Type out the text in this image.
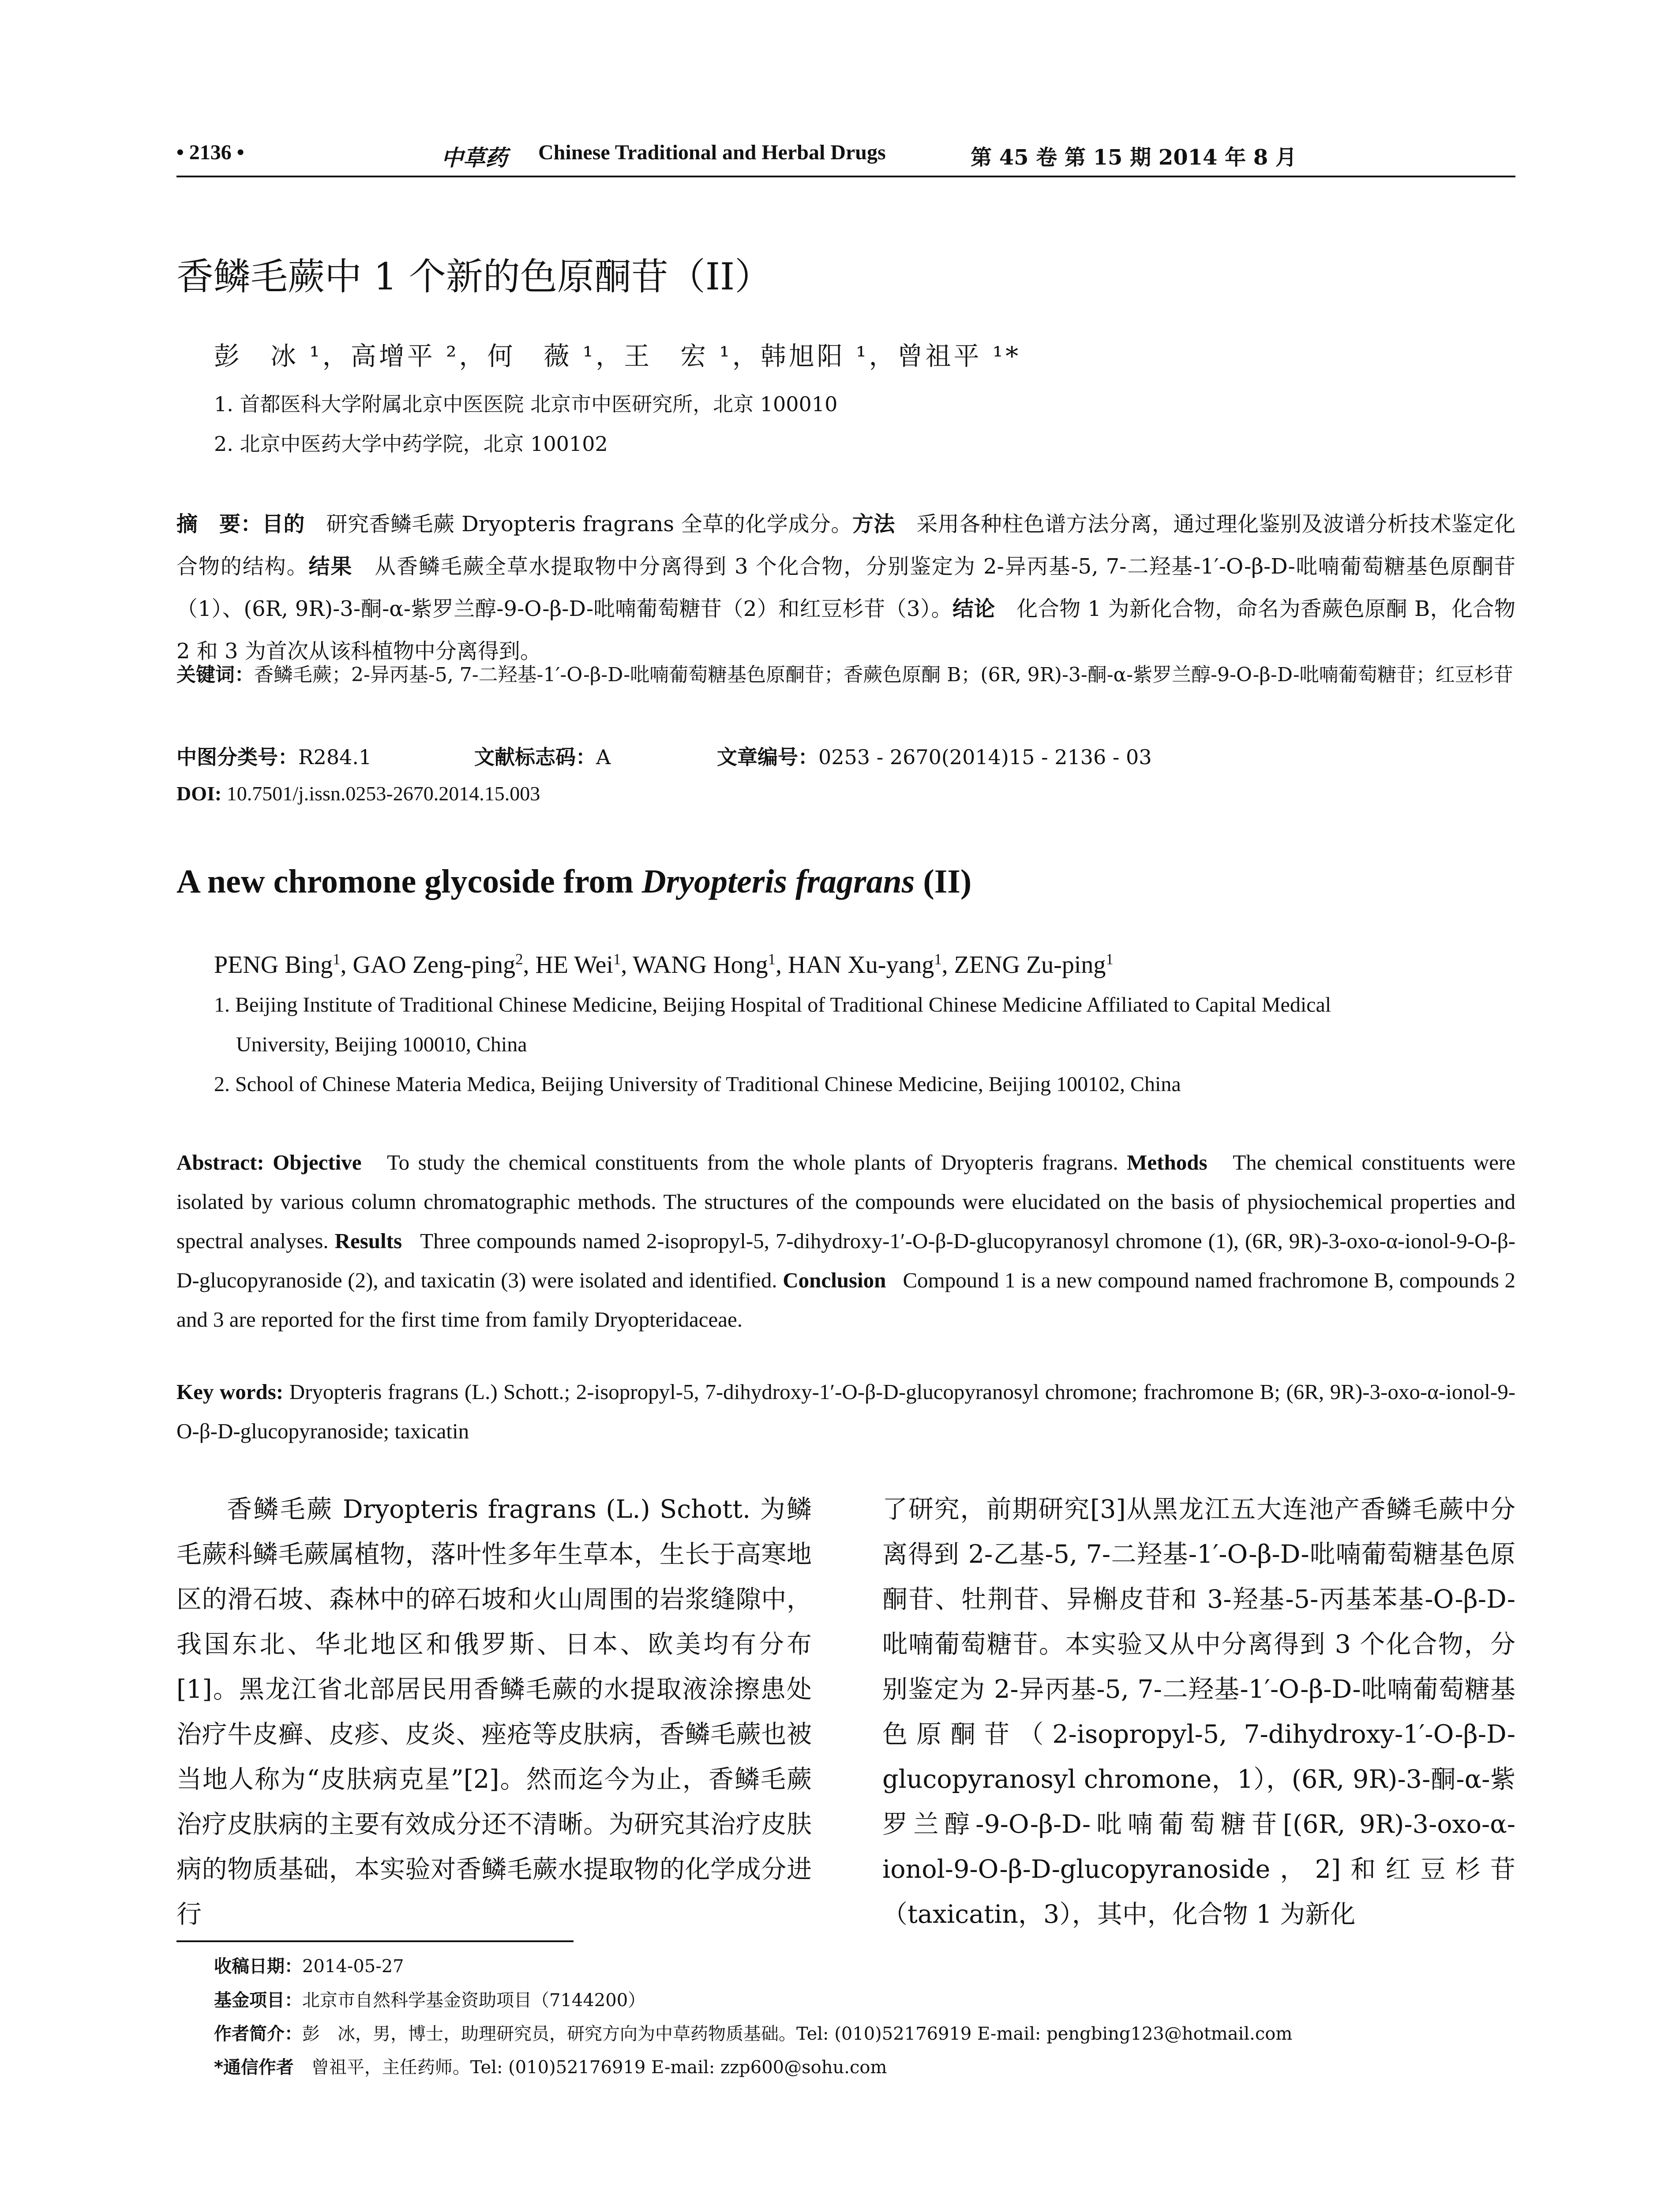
• 2136 •	中草药 Chinese Traditional and Herbal Drugs	第 45 卷 第 15 期 2014 年 8 月
香鳞毛蕨中 1 个新的色原酮苷（II）
彭　冰 ¹，高增平 ²，何　薇 ¹，王　宏 ¹，韩旭阳 ¹，曾祖平 ¹*
1. 首都医科大学附属北京中医医院 北京市中医研究所，北京 100010
2. 北京中医药大学中药学院，北京 100102
摘　要：目的　 研究香鳞毛蕨 Dryopteris fragrans 全草的化学成分。方法　 采用各种柱色谱方法分离，通过理化鉴别及波谱分析技术鉴定化合物的结构。结果　 从香鳞毛蕨全草水提取物中分离得到 3 个化合物，分别鉴定为 2-异丙基-5, 7-二羟基-1′-O-β-D-吡喃葡萄糖基色原酮苷（1）、(6R, 9R)-3-酮-α-紫罗兰醇-9-O-β-D-吡喃葡萄糖苷（2）和红豆杉苷（3）。结论　 化合物 1 为新化合物，命名为香蕨色原酮 B，化合物 2 和 3 为首次从该科植物中分离得到。
关键词：香鳞毛蕨；2-异丙基-5, 7-二羟基-1′-O-β-D-吡喃葡萄糖基色原酮苷；香蕨色原酮 B；(6R, 9R)-3-酮-α-紫罗兰醇-9-O-β-D-吡喃葡萄糖苷；红豆杉苷
中图分类号：R284.1	文献标志码：A	文章编号：0253 - 2670(2014)15 - 2136 - 03
DOI: 10.7501/j.issn.0253-2670.2014.15.003
A new chromone glycoside from Dryopteris fragrans (II)
PENG Bing$^1$, GAO Zeng-ping$^2$, HE Wei$^1$, WANG Hong$^1$, HAN Xu-yang$^1$, ZENG Zu-ping$^1$
1. Beijing Institute of Traditional Chinese Medicine, Beijing Hospital of Traditional Chinese Medicine Affiliated to Capital Medical
University, Beijing 100010, China
2. School of Chinese Materia Medica, Beijing University of Traditional Chinese Medicine, Beijing 100102, China
Abstract: Objective To study the chemical constituents from the whole plants of Dryopteris fragrans. Methods The chemical constituents were isolated by various column chromatographic methods. The structures of the compounds were elucidated on the basis of physiochemical properties and spectral analyses. Results Three compounds named 2-isopropyl-5, 7-dihydroxy-1′-O-β-D-glucopyranosyl chromone (1), (6R, 9R)-3-oxo-α-ionol-9-O-β-D-glucopyranoside (2), and taxicatin (3) were isolated and identified. Conclusion Compound 1 is a new compound named frachromone B, compounds 2 and 3 are reported for the first time from family Dryopteridaceae.
Key words: Dryopteris fragrans (L.) Schott.; 2-isopropyl-5, 7-dihydroxy-1′-O-β-D-glucopyranosyl chromone; frachromone B; (6R, 9R)-3-oxo-α-ionol-9-O-β-D-glucopyranoside; taxicatin
香鳞毛蕨 Dryopteris fragrans (L.) Schott. 为鳞毛蕨科鳞毛蕨属植物，落叶性多年生草本，生长于高寒地区的滑石坡、森林中的碎石坡和火山周围的岩浆缝隙中，我国东北、华北地区和俄罗斯、日本、欧美均有分布[1]。黑龙江省北部居民用香鳞毛蕨的水提取液涂擦患处治疗牛皮癣、皮疹、皮炎、痤疮等皮肤病，香鳞毛蕨也被当地人称为“皮肤病克星”[2]。然而迄今为止，香鳞毛蕨治疗皮肤病的主要有效成分还不清晰。为研究其治疗皮肤病的物质基础，本实验对香鳞毛蕨水提取物的化学成分进行
了研究，前期研究[3]从黑龙江五大连池产香鳞毛蕨中分离得到 2-乙基-5, 7-二羟基-1′-O-β-D-吡喃葡萄糖基色原酮苷、牡荆苷、异槲皮苷和 3-羟基-5-丙基苯基-O-β-D-吡喃葡萄糖苷。本实验又从中分离得到 3 个化合物，分别鉴定为 2-异丙基-5, 7-二羟基-1′-O-β-D-吡喃葡萄糖基色原酮苷（2-isopropyl-5, 7-dihydroxy-1′-O-β-D-glucopyranosyl chromone，1），(6R, 9R)-3-酮-α-紫罗兰醇-9-O-β-D-吡喃葡萄糖苷[(6R, 9R)-3-oxo-α-ionol-9-O-β-D-glucopyranoside，2]和红豆杉苷（taxicatin，3），其中，化合物 1 为新化
收稿日期：2014-05-27
基金项目：北京市自然科学基金资助项目（7144200）
作者简介：彭　冰，男，博士，助理研究员，研究方向为中草药物质基础。Tel: (010)52176919 E-mail: pengbing123@hotmail.com
*通信作者　 曾祖平，主任药师。Tel: (010)52176919 E-mail: zzp600@sohu.com
